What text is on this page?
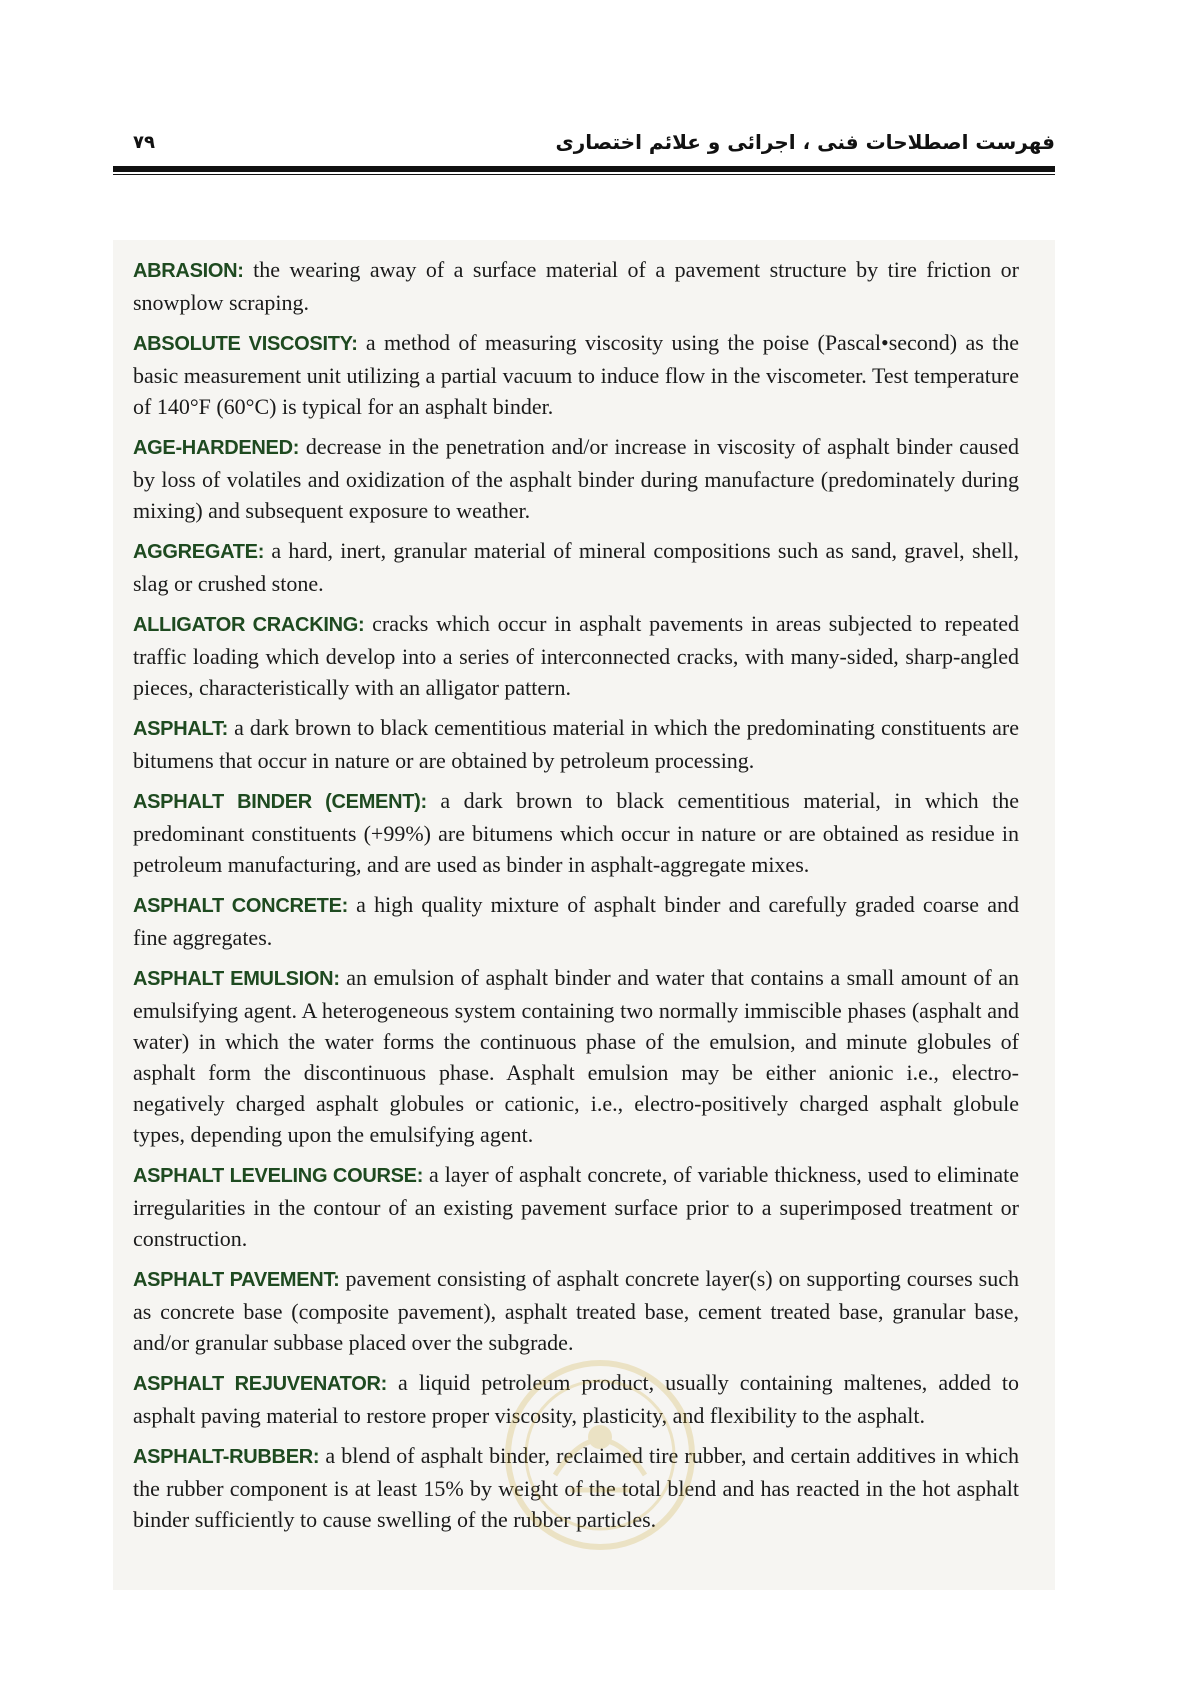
فهرست اصطلاحات فنی ، اجرائی و علائم اختصاری
۷۹
ABRASION: the wearing away of a surface material of a pavement structure by tire friction or snowplow scraping.
ABSOLUTE VISCOSITY: a method of measuring viscosity using the poise (Pascal•second) as the basic measurement unit utilizing a partial vacuum to induce flow in the viscometer. Test temperature of 140°F (60°C) is typical for an asphalt binder.
AGE-HARDENED: decrease in the penetration and/or increase in viscosity of asphalt binder caused by loss of volatiles and oxidization of the asphalt binder during manufacture (predominately during mixing) and subsequent exposure to weather.
AGGREGATE: a hard, inert, granular material of mineral compositions such as sand, gravel, shell, slag or crushed stone.
ALLIGATOR CRACKING: cracks which occur in asphalt pavements in areas subjected to repeated traffic loading which develop into a series of interconnected cracks, with many-sided, sharp-angled pieces, characteristically with an alligator pattern.
ASPHALT: a dark brown to black cementitious material in which the predominating constituents are bitumens that occur in nature or are obtained by petroleum processing.
ASPHALT BINDER (CEMENT): a dark brown to black cementitious material, in which the predominant constituents (+99%) are bitumens which occur in nature or are obtained as residue in petroleum manufacturing, and are used as binder in asphalt-aggregate mixes.
ASPHALT CONCRETE: a high quality mixture of asphalt binder and carefully graded coarse and fine aggregates.
ASPHALT EMULSION: an emulsion of asphalt binder and water that contains a small amount of an emulsifying agent. A heterogeneous system containing two normally immiscible phases (asphalt and water) in which the water forms the continuous phase of the emulsion, and minute globules of asphalt form the discontinuous phase. Asphalt emulsion may be either anionic i.e., electro-negatively charged asphalt globules or cationic, i.e., electro-positively charged asphalt globule types, depending upon the emulsifying agent.
ASPHALT LEVELING COURSE: a layer of asphalt concrete, of variable thickness, used to eliminate irregularities in the contour of an existing pavement surface prior to a superimposed treatment or construction.
ASPHALT PAVEMENT: pavement consisting of asphalt concrete layer(s) on supporting courses such as concrete base (composite pavement), asphalt treated base, cement treated base, granular base, and/or granular subbase placed over the subgrade.
ASPHALT REJUVENATOR: a liquid petroleum product, usually containing maltenes, added to asphalt paving material to restore proper viscosity, plasticity, and flexibility to the asphalt.
ASPHALT-RUBBER: a blend of asphalt binder, reclaimed tire rubber, and certain additives in which the rubber component is at least 15% by weight of the total blend and has reacted in the hot asphalt binder sufficiently to cause swelling of the rubber particles.
